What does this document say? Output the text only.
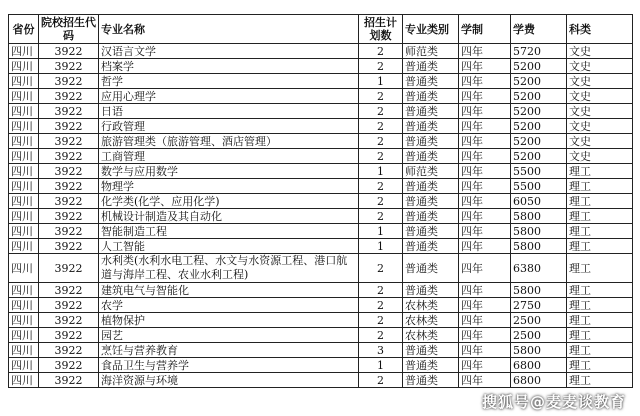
省份	院校招生代码	专业名称	招生计划数	专业类别	学制	学费	科类
四川	3922	汉语言文学	2	师范类	四年	5720	文史
四川	3922	档案学	2	普通类	四年	5200	文史
四川	3922	哲学	1	普通类	四年	5200	文史
四川	3922	应用心理学	2	普通类	四年	5200	文史
四川	3922	日语	2	普通类	四年	5200	文史
四川	3922	行政管理	2	普通类	四年	5200	文史
四川	3922	旅游管理类（旅游管理、酒店管理）	2	普通类	四年	5200	文史
四川	3922	工商管理	2	普通类	四年	5200	文史
四川	3922	数学与应用数学	1	师范类	四年	5500	理工
四川	3922	物理学	2	普通类	四年	5500	理工
四川	3922	化学类(化学、应用化学)	2	普通类	四年	6050	理工
四川	3922	机械设计制造及其自动化	2	普通类	四年	5800	理工
四川	3922	智能制造工程	1	普通类	四年	5800	理工
四川	3922	人工智能	1	普通类	四年	5800	理工
四川	3922	水利类(水利水电工程、水文与水资源工程、港口航道与海岸工程、农业水利工程)	2	普通类	四年	6380	理工
四川	3922	建筑电气与智能化	2	普通类	四年	5800	理工
四川	3922	农学	2	农林类	四年	2750	理工
四川	3922	植物保护	2	农林类	四年	2500	理工
四川	3922	园艺	2	农林类	四年	2500	理工
四川	3922	烹饪与营养教育	3	普通类	四年	5800	理工
四川	3922	食品卫生与营养学	1	普通类	四年	6800	理工
四川	3922	海洋资源与环境	2	普通类	四年	6800	理工
搜狐号@麦麦谈教育
